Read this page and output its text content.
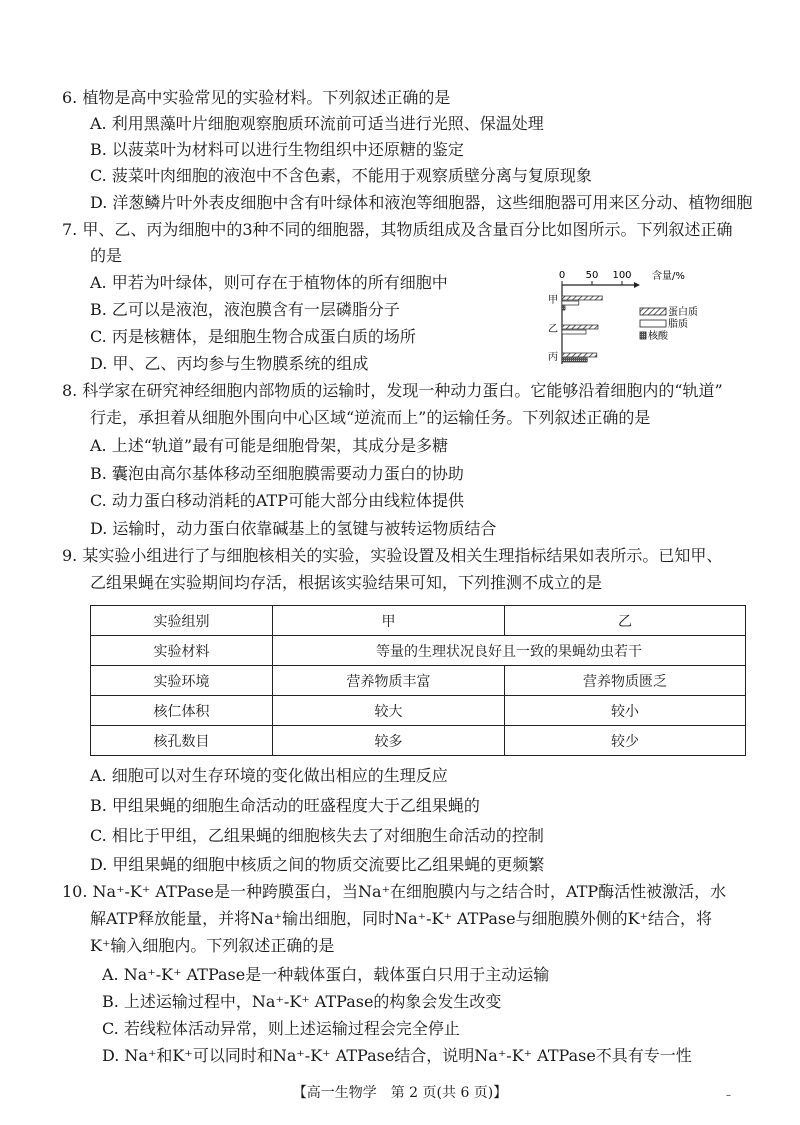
6. 植物是高中实验常见的实验材料。下列叙述正确的是
A. 利用黑藻叶片细胞观察胞质环流前可适当进行光照、保温处理
B. 以菠菜叶为材料可以进行生物组织中还原糖的鉴定
C. 菠菜叶肉细胞的液泡中不含色素，不能用于观察质壁分离与复原现象
D. 洋葱鳞片叶外表皮细胞中含有叶绿体和液泡等细胞器，这些细胞器可用来区分动、植物细胞
7. 甲、乙、丙为细胞中的3种不同的细胞器，其物质组成及含量百分比如图所示。下列叙述正确
的是
A. 甲若为叶绿体，则可存在于植物体的所有细胞中
B. 乙可以是液泡，液泡膜含有一层磷脂分子
C. 丙是核糖体，是细胞生物合成蛋白质的场所
D. 甲、乙、丙均参与生物膜系统的组成
0 50 100 含量/%
甲
乙
丙
蛋白质
脂质
核酸
8. 科学家在研究神经细胞内部物质的运输时，发现一种动力蛋白。它能够沿着细胞内的“轨道”
行走，承担着从细胞外围向中心区域“逆流而上”的运输任务。下列叙述正确的是
A. 上述“轨道”最有可能是细胞骨架，其成分是多糖
B. 囊泡由高尔基体移动至细胞膜需要动力蛋白的协助
C. 动力蛋白移动消耗的ATP可能大部分由线粒体提供
D. 运输时，动力蛋白依靠碱基上的氢键与被转运物质结合
9. 某实验小组进行了与细胞核相关的实验，实验设置及相关生理指标结果如表所示。已知甲、
乙组果蝇在实验期间均存活，根据该实验结果可知，下列推测不成立的是
实验组别	甲	乙
实验材料	等量的生理状况良好且一致的果蝇幼虫若干	
实验环境	营养物质丰富	营养物质匮乏
核仁体积	较大	较小
核孔数目	较多	较少
A. 细胞可以对生存环境的变化做出相应的生理反应
B. 甲组果蝇的细胞生命活动的旺盛程度大于乙组果蝇的
C. 相比于甲组，乙组果蝇的细胞核失去了对细胞生命活动的控制
D. 甲组果蝇的细胞中核质之间的物质交流要比乙组果蝇的更频繁
10. Na⁺-K⁺ ATPase是一种跨膜蛋白，当Na⁺在细胞膜内与之结合时，ATP酶活性被激活，水
解ATP释放能量，并将Na⁺输出细胞，同时Na⁺-K⁺ ATPase与细胞膜外侧的K⁺结合，将
K⁺输入细胞内。下列叙述正确的是
A. Na⁺-K⁺ ATPase是一种载体蛋白，载体蛋白只用于主动运输
B. 上述运输过程中，Na⁺-K⁺ ATPase的构象会发生改变
C. 若线粒体活动异常，则上述运输过程会完全停止
D. Na⁺和K⁺可以同时和Na⁺-K⁺ ATPase结合，说明Na⁺-K⁺ ATPase不具有专一性
【高一生物学　第 2 页(共 6 页)】	–
